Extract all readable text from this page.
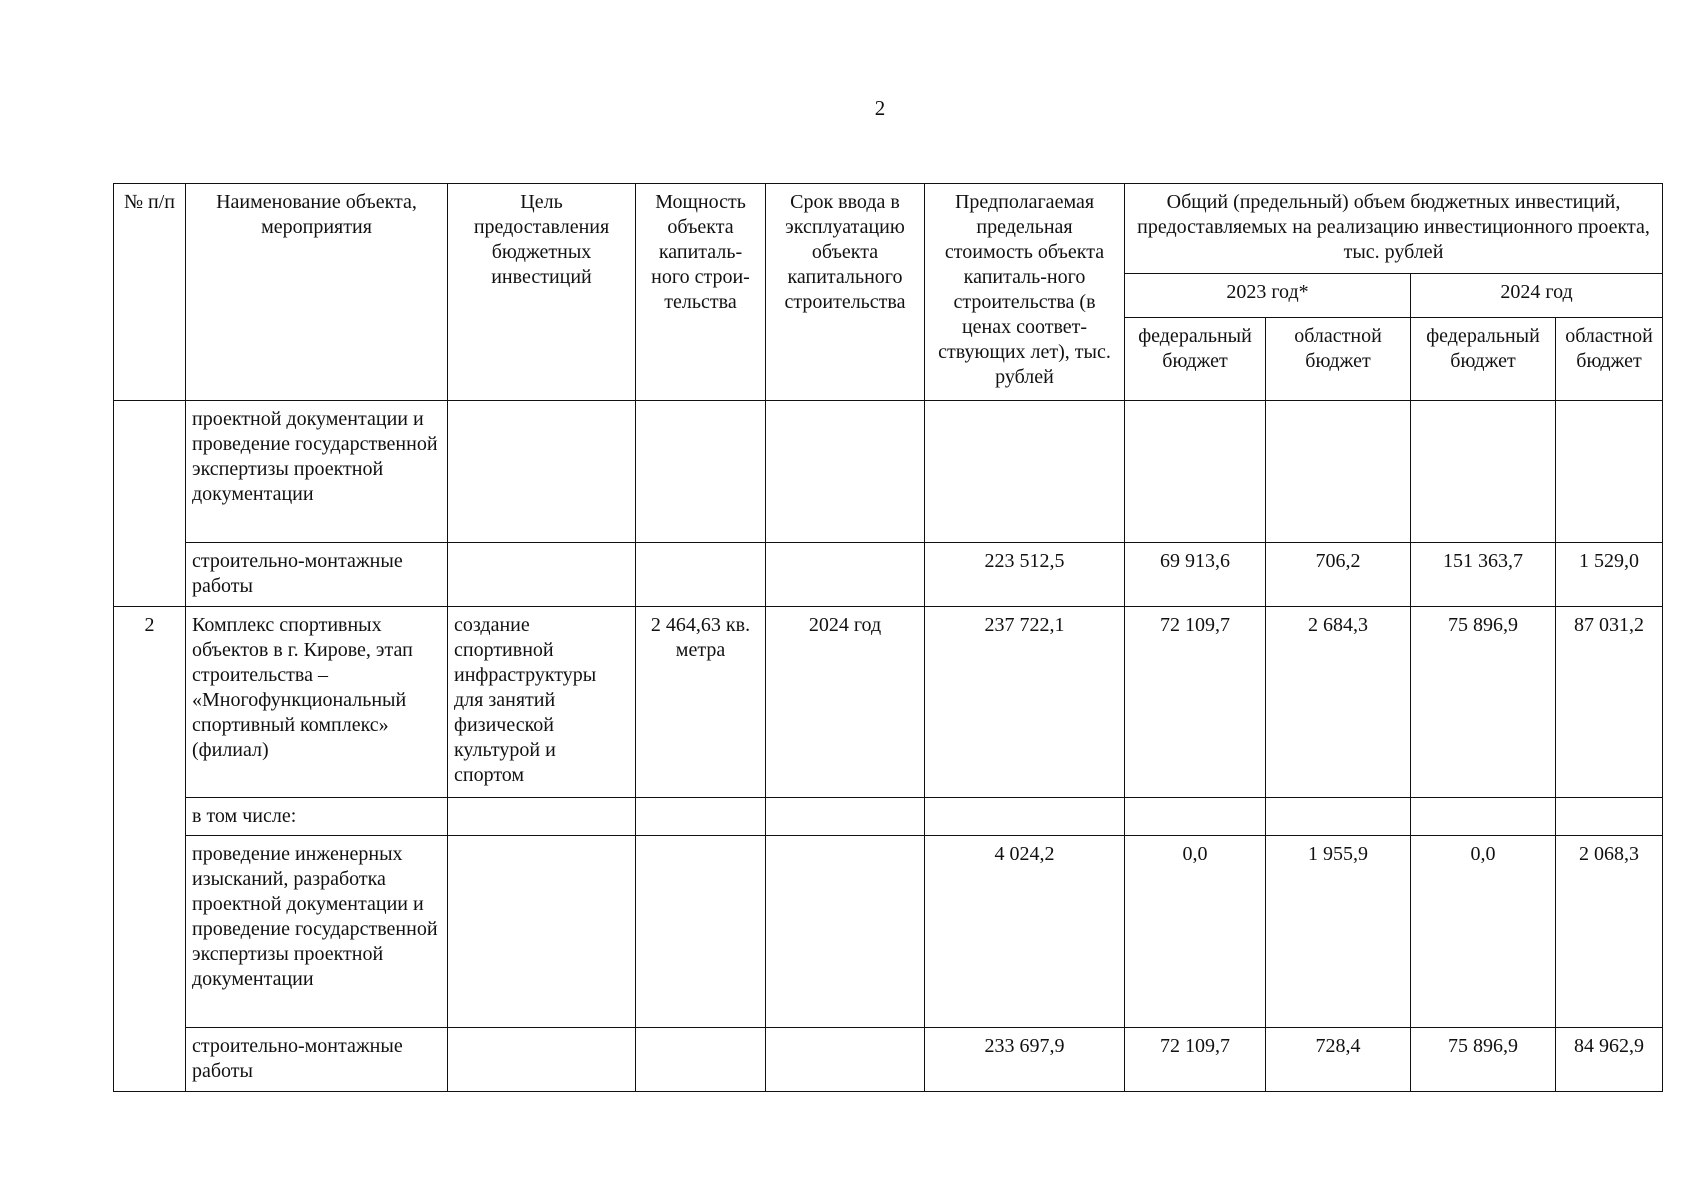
2
№ п/п	Наименование объекта, мероприятия	Цель предоставления бюджетных инвестиций	Мощность объекта капиталь-ного строи-тельства	Срок ввода в эксплуатацию объекта капитального строительства	Предполагаемая предельная стоимость объекта капиталь-ного строительства (в ценах соответ-ствующих лет), тыс. рублей	Общий (предельный) объем бюджетных инвестиций, предоставляемых на реализацию инвестиционного проекта, тыс. рублей			
						2023 год*		2024 год	
						федеральный бюджет	областной бюджет	федеральный бюджет	областной бюджет
	проектной документации и проведение государственной экспертизы проектной документации								
	строительно-монтажные работы				223 512,5	69 913,6	706,2	151 363,7	1 529,0
2	Комплекс спортивных объектов в г. Кирове, этап строительства – «Многофункциональный спортивный комплекс» (филиал)	создание спортивной инфраструктуры для занятий физической культурой и спортом	2 464,63 кв. метра	2024 год	237 722,1	72 109,7	2 684,3	75 896,9	87 031,2
	в том числе:								
	проведение инженерных изысканий, разработка проектной документации и проведение государственной экспертизы проектной документации				4 024,2	0,0	1 955,9	0,0	2 068,3
	строительно-монтажные работы				233 697,9	72 109,7	728,4	75 896,9	84 962,9
